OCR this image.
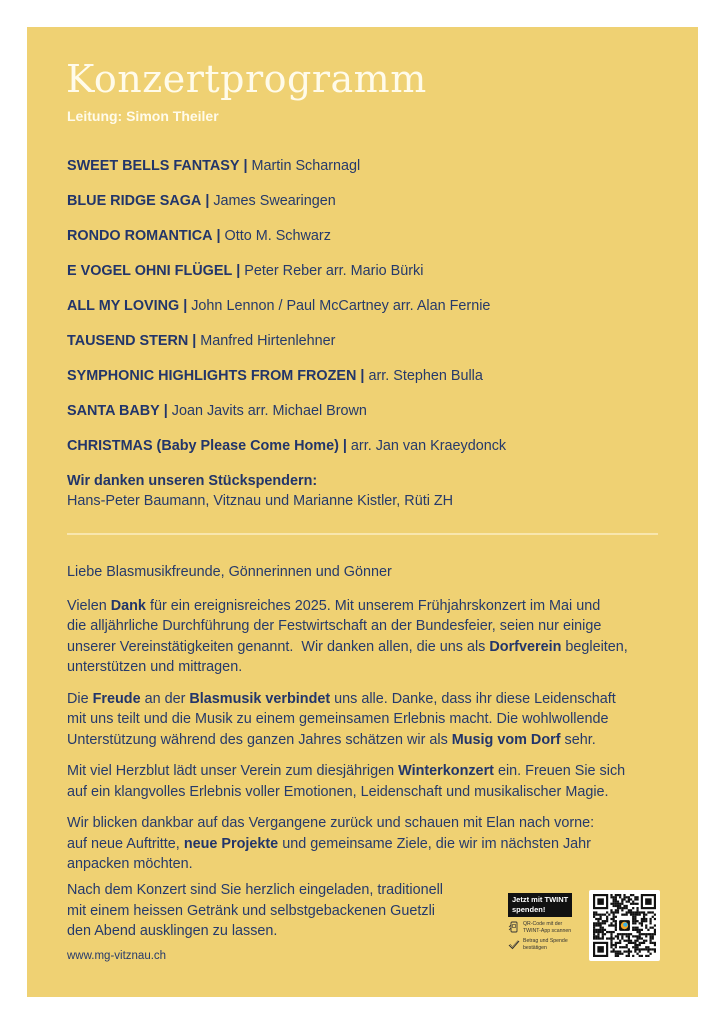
Konzertprogramm
Leitung: Simon Theiler
SWEET BELLS FANTASY | Martin Scharnagl
BLUE RIDGE SAGA | James Swearingen
RONDO ROMANTICA | Otto M. Schwarz
E VOGEL OHNI FLÜGEL | Peter Reber arr. Mario Bürki
ALL MY LOVING | John Lennon / Paul McCartney arr. Alan Fernie
TAUSEND STERN | Manfred Hirtenlehner
SYMPHONIC HIGHLIGHTS FROM FROZEN | arr. Stephen Bulla
SANTA BABY | Joan Javits arr. Michael Brown
CHRISTMAS (Baby Please Come Home) | arr. Jan van Kraeydonck
Wir danken unseren Stückspendern:
Hans-Peter Baumann, Vitznau und Marianne Kistler, Rüti ZH

Liebe Blasmusikfreunde, Gönnerinnen und Gönner

Vielen Dank für ein ereignisreiches 2025. Mit unserem Frühjahrskonzert im Mai und
die alljährliche Durchführung der Festwirtschaft an der Bundesfeier, seien nur einige
unserer Vereinstätigkeiten genannt.  Wir danken allen, die uns als Dorfverein begleiten,
unterstützen und mittragen.

Die Freude an der Blasmusik verbindet uns alle. Danke, dass ihr diese Leidenschaft
mit uns teilt und die Musik zu einem gemeinsamen Erlebnis macht. Die wohlwollende
Unterstützung während des ganzen Jahres schätzen wir als Musig vom Dorf sehr.

Mit viel Herzblut lädt unser Verein zum diesjährigen Winterkonzert ein. Freuen Sie sich
auf ein klangvolles Erlebnis voller Emotionen, Leidenschaft und musikalischer Magie.

Wir blicken dankbar auf das Vergangene zurück und schauen mit Elan nach vorne:
auf neue Auftritte, neue Projekte und gemeinsame Ziele, die wir im nächsten Jahr
anpacken möchten.

Nach dem Konzert sind Sie herzlich eingeladen, traditionell
mit einem heissen Getränk und selbstgebackenen Guetzli
den Abend ausklingen zu lassen.
www.mg-vitznau.ch
Jetzt mit TWINT
spenden!
QR-Code mit der
TWINT-App scannen
Betrag und Spende
bestätigen
